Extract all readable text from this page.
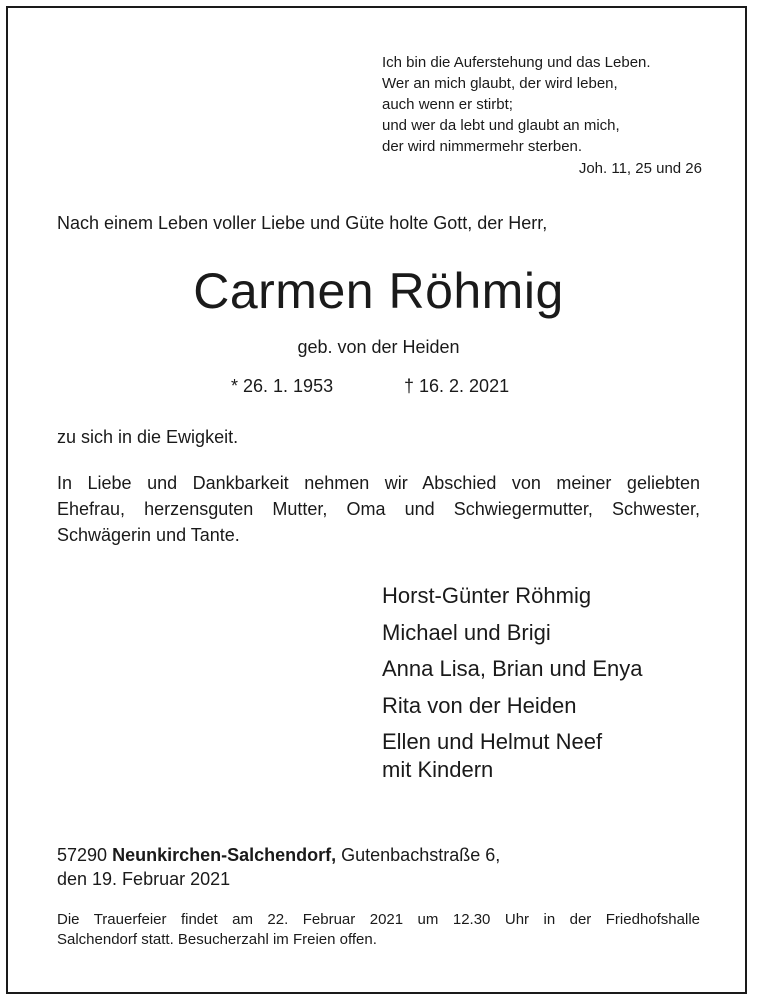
Ich bin die Auferstehung und das Leben.
Wer an mich glaubt, der wird leben,
auch wenn er stirbt;
und wer da lebt und glaubt an mich,
der wird nimmermehr sterben.
Joh. 11, 25 und 26
Nach einem Leben voller Liebe und Güte holte Gott, der Herr,
Carmen Röhmig
geb. von der Heiden
* 26. 1. 1953	† 16. 2. 2021
zu sich in die Ewigkeit.
In Liebe und Dankbarkeit nehmen wir Abschied von meiner geliebten
Ehefrau, herzensguten Mutter, Oma und Schwiegermutter, Schwester,
Schwägerin und Tante.
Horst-Günter Röhmig
Michael und Brigi
Anna Lisa, Brian und Enya
Rita von der Heiden
Ellen und Helmut Neef
mit Kindern
57290 Neunkirchen-Salchendorf, Gutenbachstraße 6,
den 19. Februar 2021
Die Trauerfeier findet am 22. Februar 2021 um 12.30 Uhr in der Friedhofshalle
Salchendorf statt. Besucherzahl im Freien offen.
